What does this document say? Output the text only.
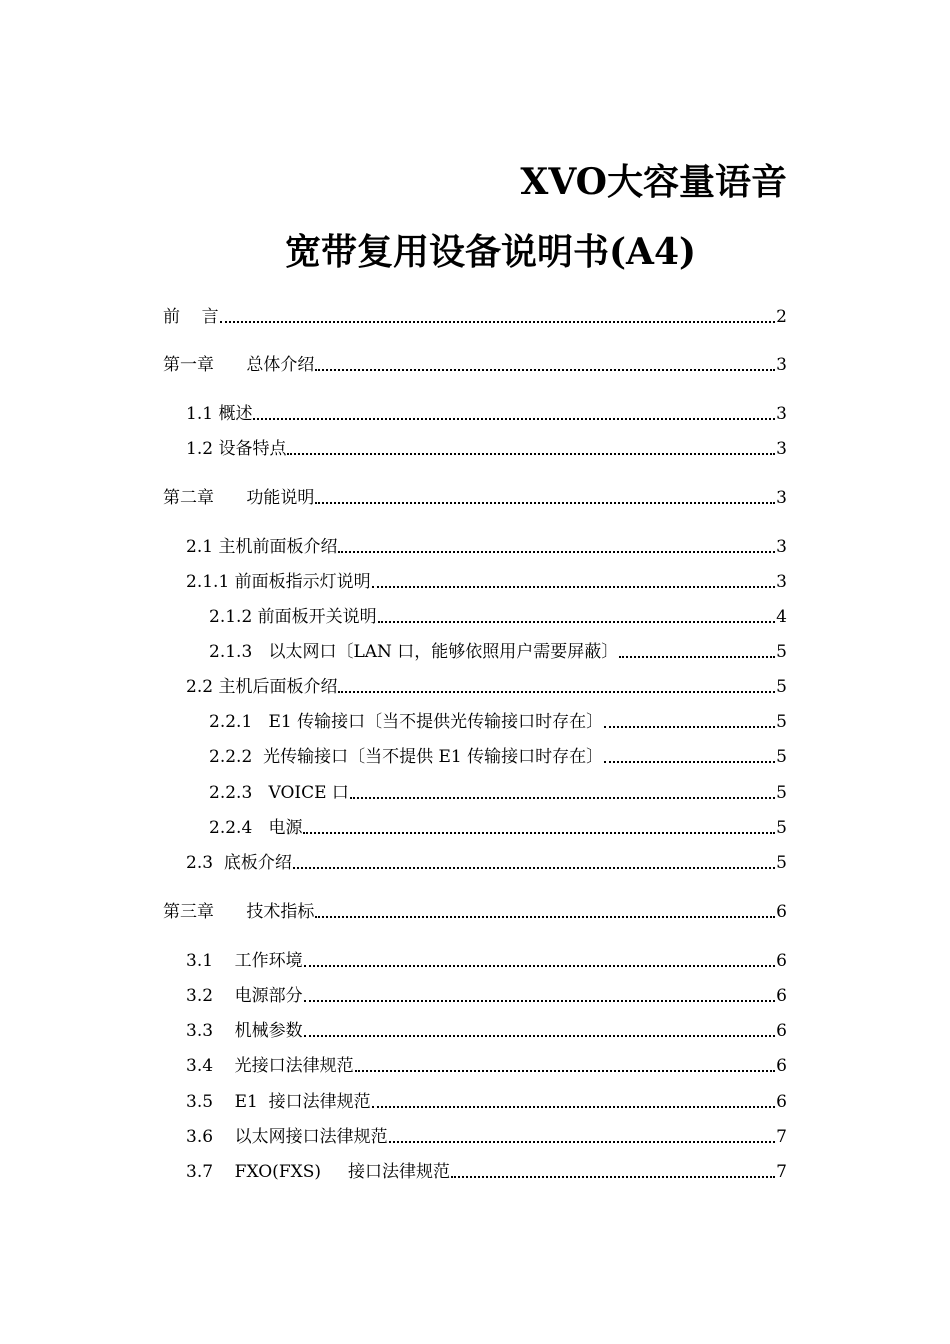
XVO大容量语音
宽带复用设备说明书(A4)
前    言	2
第一章      总体介绍	3
1.1 概述	3
1.2 设备特点	3
第二章      功能说明	3
2.1 主机前面板介绍	3
2.1.1 前面板指示灯说明	3
2.1.2 前面板开关说明	4
2.1.3   以太网口〔LAN 口，能够依照用户需要屏蔽〕	5
2.2 主机后面板介绍	5
2.2.1   E1 传输接口〔当不提供光传输接口时存在〕	5
2.2.2  光传输接口〔当不提供 E1 传输接口时存在〕	5
2.2.3   VOICE 口	5
2.2.4   电源	5
2.3  底板介绍	5
第三章      技术指标	6
3.1    工作环境	6
3.2    电源部分	6
3.3    机械参数	6
3.4    光接口法律规范	6
3.5    E1  接口法律规范	6
3.6    以太网接口法律规范	7
3.7    FXO(FXS)     接口法律规范	7
